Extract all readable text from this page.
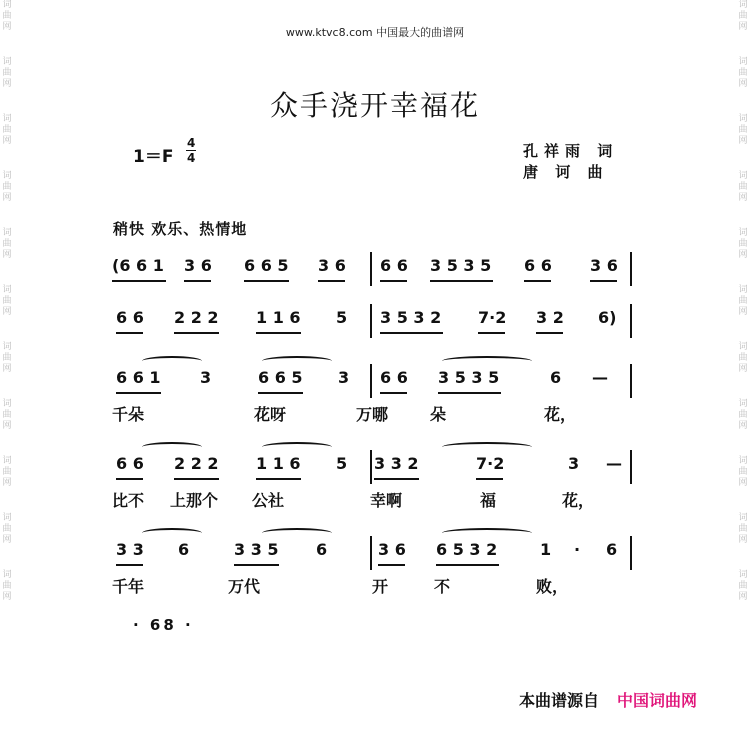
词
曲
网
词
曲
网
词
曲
网
词
曲
网
词
曲
网
词
曲
网
词
曲
网
词
曲
网
词
曲
网
词
曲
网
词
曲
网
词
曲
网
词
曲
网
词
曲
网
词
曲
网
词
曲
网
词
曲
网
词
曲
网
词
曲
网
词
曲
网
词
曲
网
词
曲
网
www.ktvc8.com 中国最大的曲谱网
众手浇开幸福花
1＝F
4
4	孔祥雨 词
唐 诃 曲
稍快 欢乐、热情地
(6 6 1 3 6 6 6 5 3 6 6 6 3 5 3 5 6 6 3 6
6 6 2 2 2 1 1 6 5 3 5 3 2 7·2 3 2 6)
6 6 1 3	6 6 5 3 6 6 3 5 3 5	6 —
千朵	花呀	万哪	朵	花，
6 6 2 2 2 1 1 6 5 3 3 2	7·2	3 —
比不 上那个 公社	幸啊	福	花，
3 3 6	3 3 5 6	3 6 6 5 3 2	1 · 6
千年	万代	开	不	败，
· 68 ·
本曲谱源自 中国词曲网
